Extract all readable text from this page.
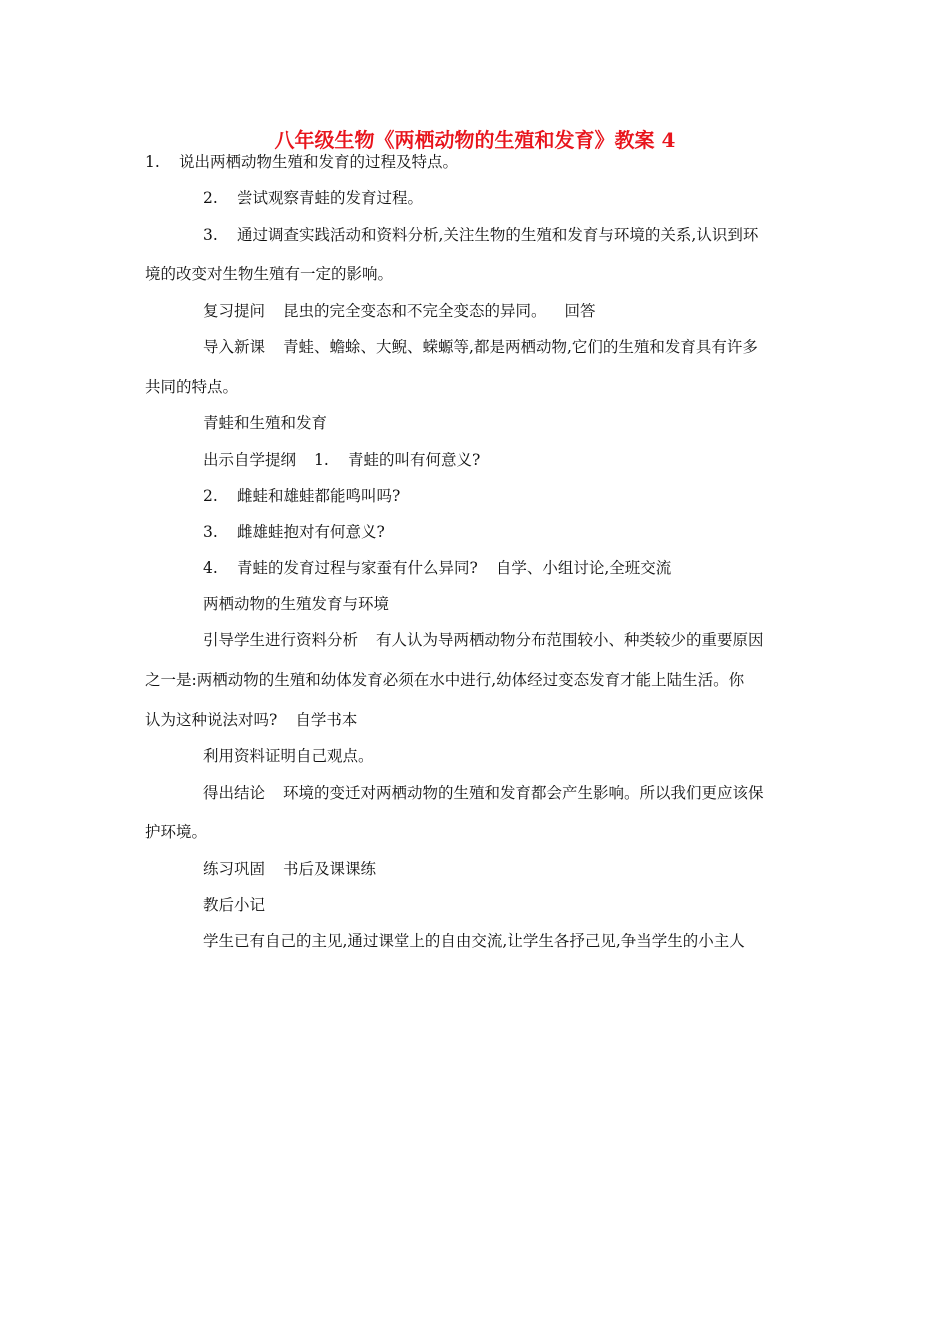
八年级生物《两栖动物的生殖和发育》教案 4
1. 说出两栖动物生殖和发育的过程及特点。
2. 尝试观察青蛙的发育过程。
3. 通过调查实践活动和资料分析,关注生物的生殖和发育与环境的关系,认识到环
境的改变对生物生殖有一定的影响。
复习提问 昆虫的完全变态和不完全变态的异同。 回答
导入新课 青蛙、蟾蜍、大鲵、蝾螈等,都是两栖动物,它们的生殖和发育具有许多
共同的特点。
青蛙和生殖和发育
出示自学提纲 1. 青蛙的叫有何意义?
2. 雌蛙和雄蛙都能鸣叫吗?
3. 雌雄蛙抱对有何意义?
4. 青蛙的发育过程与家蚕有什么异同? 自学、小组讨论,全班交流
两栖动物的生殖发育与环境
引导学生进行资料分析 有人认为导两栖动物分布范围较小、种类较少的重要原因
之一是:两栖动物的生殖和幼体发育必须在水中进行,幼体经过变态发育才能上陆生活。你
认为这种说法对吗? 自学书本
利用资料证明自己观点。
得出结论 环境的变迁对两栖动物的生殖和发育都会产生影响。所以我们更应该保
护环境。
练习巩固 书后及课课练
教后小记
学生已有自己的主见,通过课堂上的自由交流,让学生各抒己见,争当学生的小主人
